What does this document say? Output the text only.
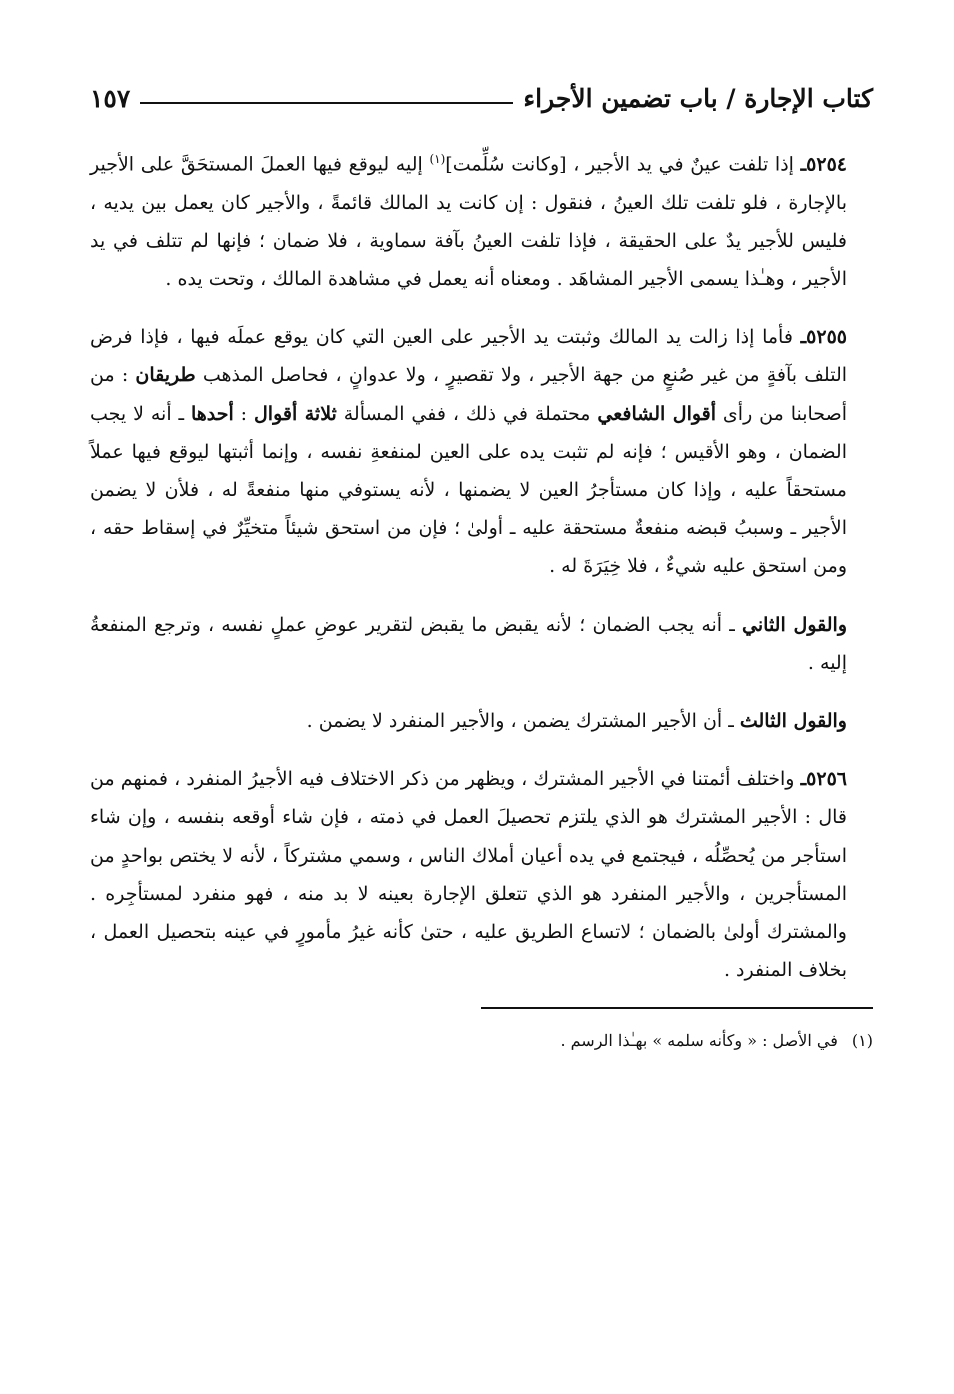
كتاب الإجارة / باب تضمين الأجراء
١٥٧

٥٢٥٤ـ إذا تلفت عينٌ في يد الأجير ، [وكانت سُلِّمت]$^{(١)}$ إليه ليوقع فيها العملَ المستحَقَّ على الأجير بالإجارة ، فلو تلفت تلك العينُ ، فنقول : إن كانت يد المالك قائمةً ، والأجير كان يعمل بين يديه ، فليس للأجير يدٌ على الحقيقة ، فإذا تلفت العينُ بآفة سماوية ، فلا ضمان ؛ فإنها لم تتلف في يد الأجير ، وهـٰذا يسمى الأجير المشاهَد . ومعناه أنه يعمل في مشاهدة المالك ، وتحت يده .

٥٢٥٥ـ فأما إذا زالت يد المالك وثبتت يد الأجير على العين التي كان يوقع عملَه فيها ، فإذا فرض التلف بآفةٍ من غير صُنعٍ من جهة الأجير ، ولا تقصيرٍ ، ولا عدوانٍ ، فحاصل المذهب طريقان : من أصحابنا من رأى أقوال الشافعي محتملة في ذلك ، ففي المسألة ثلاثة أقوال : أحدها ـ أنه لا يجب الضمان ، وهو الأقيس ؛ فإنه لم تثبت يده على العين لمنفعةِ نفسه ، وإنما أثبتها ليوقع فيها عملاً مستحقاً عليه ، وإذا كان مستأجرُ العين لا يضمنها ، لأنه يستوفي منها منفعةً له ، فلأن لا يضمن الأجير ـ وسببُ قبضه منفعةٌ مستحقة عليه ـ أولىٰ ؛ فإن من استحق شيئاً متخيِّرٌ في إسقاط حقه ، ومن استحق عليه شيءٌ ، فلا خِيَرَةَ له .

والقول الثاني ـ أنه يجب الضمان ؛ لأنه يقبض ما يقبض لتقرير عوضِ عملٍ نفسه ، وترجع المنفعةُ إليه .

والقول الثالث ـ أن الأجير المشترك يضمن ، والأجير المنفرد لا يضمن .

٥٢٥٦ـ واختلف أئمتنا في الأجير المشترك ، ويظهر من ذكر الاختلاف فيه الأجيرُ المنفرد ، فمنهم من قال : الأجير المشترك هو الذي يلتزم تحصيلَ العمل في ذمته ، فإن شاء أوقعه بنفسه ، وإن شاء استأجر من يُحصِّلُه ، فيجتمع في يده أعيان أملاك الناس ، وسمي مشتركاً ، لأنه لا يختص بواحدٍ من المستأجرين ، والأجير المنفرد هو الذي تتعلق الإجارة بعينه لا بد منه ، فهو منفرد لمستأجِره . والمشترك أولىٰ بالضمان ؛ لاتساع الطريق عليه ، حتىٰ كأنه غيرُ مأمورٍ في عينه بتحصيل العمل ، بخلاف المنفرد .

(١)في الأصل : « وكأنه سلمه » بهـٰذا الرسم .
